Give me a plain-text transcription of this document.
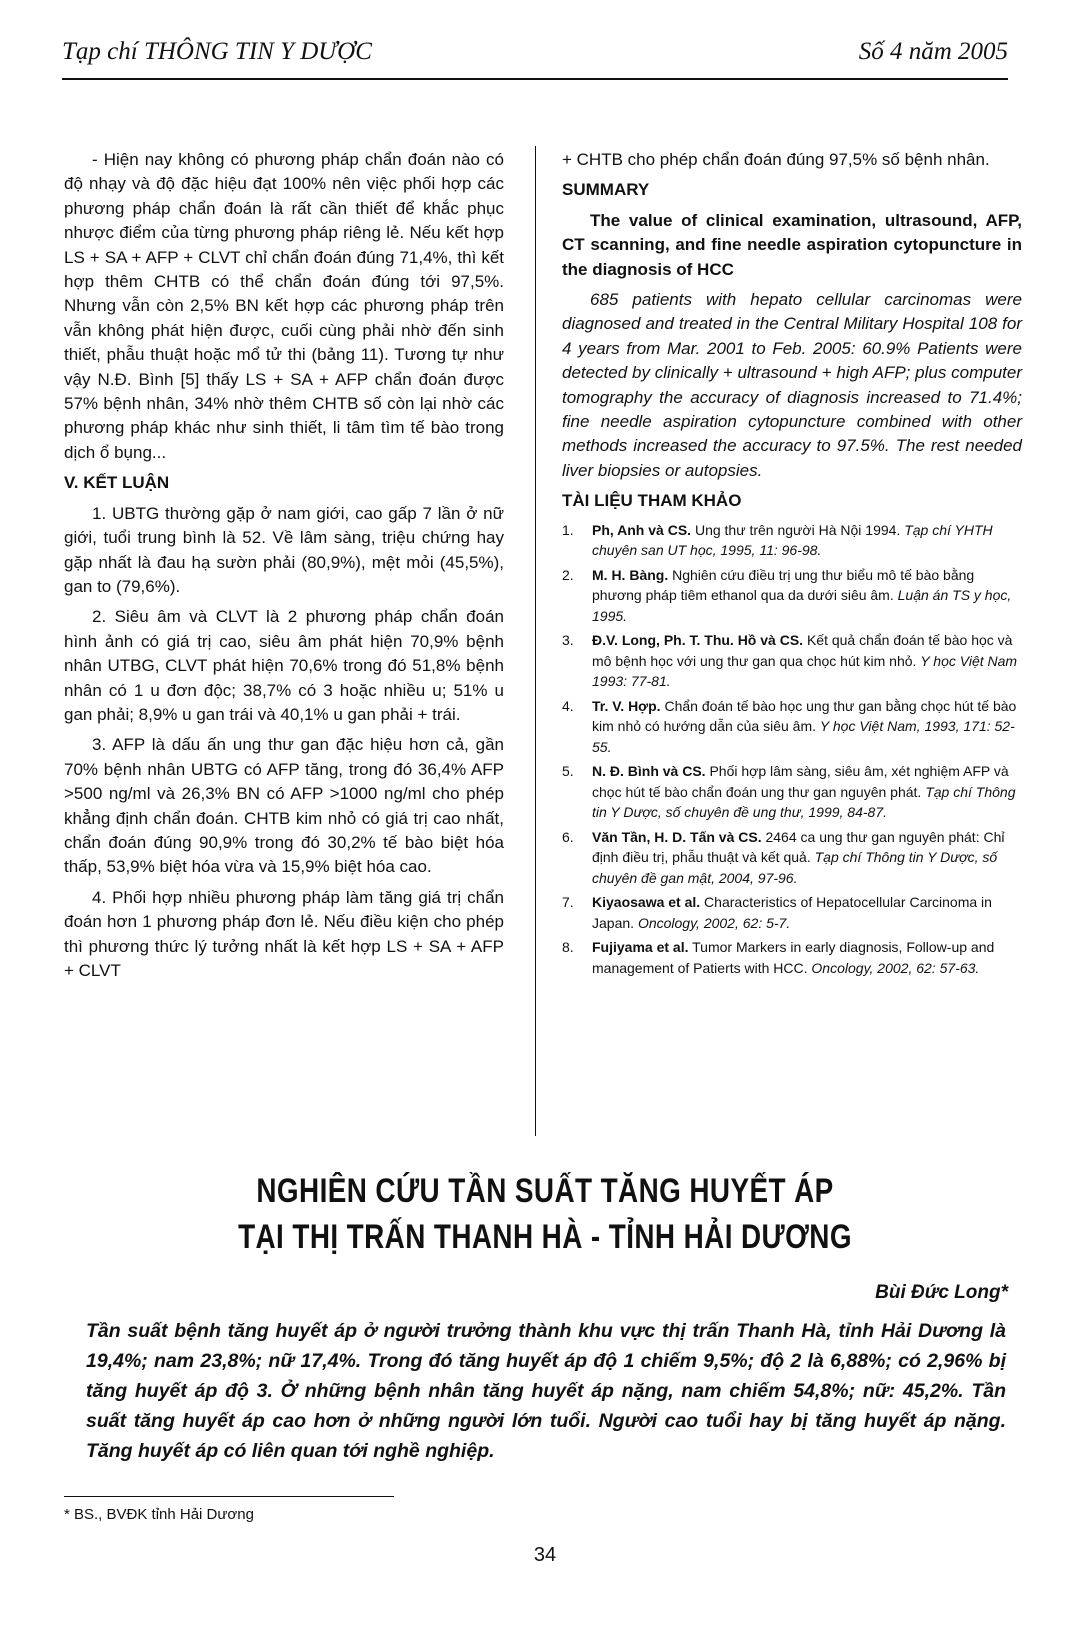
Tạp chí THÔNG TIN Y DƯỢC	Số 4 năm 2005

- Hiện nay không có phương pháp chẩn đoán nào có độ nhạy và độ đặc hiệu đạt 100% nên việc phối hợp các phương pháp chẩn đoán là rất cần thiết để khắc phục nhược điểm của từng phương pháp riêng lẻ. Nếu kết hợp LS + SA + AFP + CLVT chỉ chẩn đoán đúng 71,4%, thì kết hợp thêm CHTB có thể chẩn đoán đúng tới 97,5%. Nhưng vẫn còn 2,5% BN kết hợp các phương pháp trên vẫn không phát hiện được, cuối cùng phải nhờ đến sinh thiết, phẫu thuật hoặc mổ tử thi (bảng 11). Tương tự như vậy N.Đ. Bình [5] thấy LS + SA + AFP chẩn đoán được 57% bệnh nhân, 34% nhờ thêm CHTB số còn lại nhờ các phương pháp khác như sinh thiết, li tâm tìm tế bào trong dịch ổ bụng...

V. KẾT LUẬN

1. UBTG thường gặp ở nam giới, cao gấp 7 lần ở nữ giới, tuổi trung bình là 52. Về lâm sàng, triệu chứng hay gặp nhất là đau hạ sườn phải (80,9%), mệt mỏi (45,5%), gan to (79,6%).

2. Siêu âm và CLVT là 2 phương pháp chẩn đoán hình ảnh có giá trị cao, siêu âm phát hiện 70,9% bệnh nhân UTBG, CLVT phát hiện 70,6% trong đó 51,8% bệnh nhân có 1 u đơn độc; 38,7% có 3 hoặc nhiều u; 51% u gan phải; 8,9% u gan trái và 40,1% u gan phải + trái.

3. AFP là dấu ấn ung thư gan đặc hiệu hơn cả, gần 70% bệnh nhân UBTG có AFP tăng, trong đó 36,4% AFP >500 ng/ml và 26,3% BN có AFP >1000 ng/ml cho phép khẳng định chẩn đoán. CHTB kim nhỏ có giá trị cao nhất, chẩn đoán đúng 90,9% trong đó 30,2% tế bào biệt hóa thấp, 53,9% biệt hóa vừa và 15,9% biệt hóa cao.

4. Phối hợp nhiều phương pháp làm tăng giá trị chẩn đoán hơn 1 phương pháp đơn lẻ. Nếu điều kiện cho phép thì phương thức lý tưởng nhất là kết hợp LS + SA + AFP + CLVT

+ CHTB cho phép chẩn đoán đúng 97,5% số bệnh nhân.

SUMMARY

The value of clinical examination, ultrasound, AFP, CT scanning, and fine needle aspiration cytopuncture in the diagnosis of HCC

685 patients with hepato cellular carcinomas were diagnosed and treated in the Central Military Hospital 108 for 4 years from Mar. 2001 to Feb. 2005: 60.9% Patients were detected by clinically + ultrasound + high AFP; plus computer tomography the accuracy of diagnosis increased to 71.4%; fine needle aspiration cytopuncture combined with other methods increased the accuracy to 97.5%. The rest needed liver biopsies or autopsies.

TÀI LIỆU THAM KHẢO
1. Ph, Anh và CS. Ung thư trên người Hà Nội 1994. Tạp chí YHTH chuyên san UT học, 1995, 11: 96-98.
2. M. H. Bàng. Nghiên cứu điều trị ung thư biểu mô tế bào bằng phương pháp tiêm ethanol qua da dưới siêu âm. Luận án TS y học, 1995.
3. Đ.V. Long, Ph. T. Thu. Hồ và CS. Kết quả chẩn đoán tế bào học và mô bệnh học với ung thư gan qua chọc hút kim nhỏ. Y học Việt Nam 1993: 77-81.
4. Tr. V. Hợp. Chẩn đoán tế bào học ung thư gan bằng chọc hút tế bào kim nhỏ có hướng dẫn của siêu âm. Y học Việt Nam, 1993, 171: 52-55.
5. N. Đ. Bình và CS. Phối hợp lâm sàng, siêu âm, xét nghiệm AFP và chọc hút tế bào chẩn đoán ung thư gan nguyên phát. Tạp chí Thông tin Y Dược, số chuyên đề ung thư, 1999, 84-87.
6. Văn Tần, H. D. Tấn và CS. 2464 ca ung thư gan nguyên phát: Chỉ định điều trị, phẫu thuật và kết quả. Tạp chí Thông tin Y Dược, số chuyên đề gan mật, 2004, 97-96.
7. Kiyaosawa et al. Characteristics of Hepatocellular Carcinoma in Japan. Oncology, 2002, 62: 5-7.
8. Fujiyama et al. Tumor Markers in early diagnosis, Follow-up and management of Patierts with HCC. Oncology, 2002, 62: 57-63.
NGHIÊN CỨU TẦN SUẤT TĂNG HUYẾT ÁP
TẠI THỊ TRẤN THANH HÀ - TỈNH HẢI DƯƠNG
Bùi Đức Long*
Tần suất bệnh tăng huyết áp ở người trưởng thành khu vực thị trấn Thanh Hà, tỉnh Hải Dương là 19,4%; nam 23,8%; nữ 17,4%. Trong đó tăng huyết áp độ 1 chiếm 9,5%; độ 2 là 6,88%; có 2,96% bị tăng huyết áp độ 3. Ở những bệnh nhân tăng huyết áp nặng, nam chiếm 54,8%; nữ: 45,2%. Tần suất tăng huyết áp cao hơn ở những người lớn tuổi. Người cao tuổi hay bị tăng huyết áp nặng. Tăng huyết áp có liên quan tới nghề nghiệp.
* BS., BVĐK tỉnh Hải Dương
34
